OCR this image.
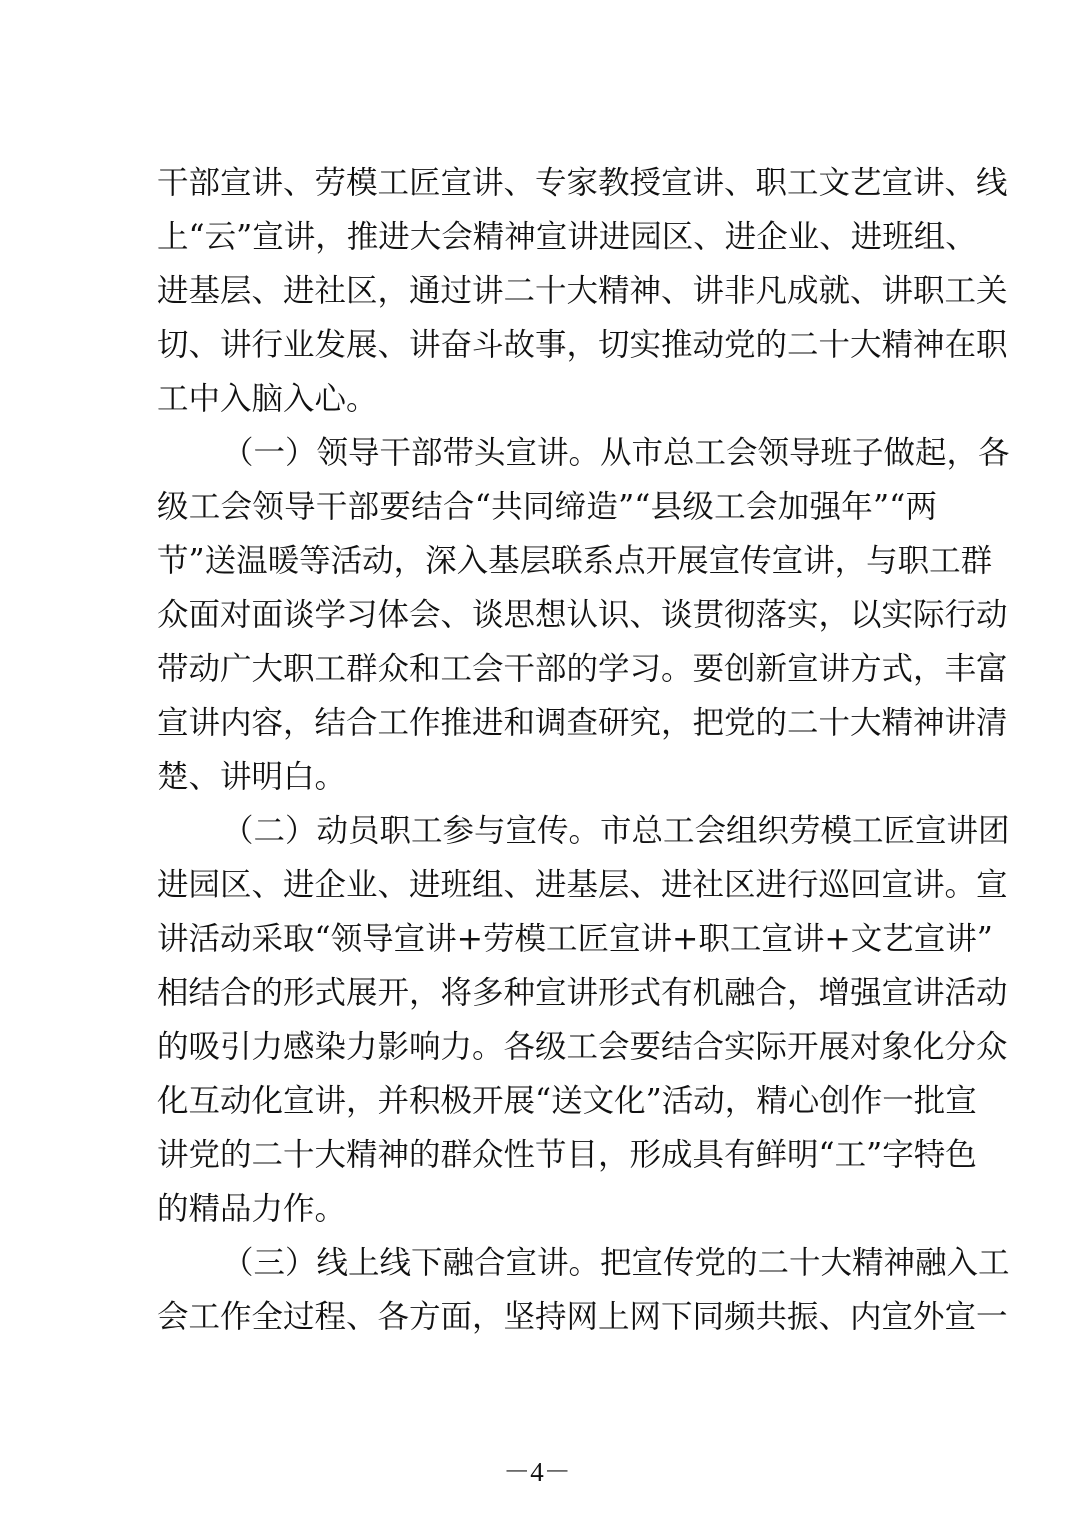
干部宣讲、劳模工匠宣讲、专家教授宣讲、职工文艺宣讲、线
上“云”宣讲，推进大会精神宣讲进园区、进企业、进班组、
进基层、进社区，通过讲二十大精神、讲非凡成就、讲职工关
切、讲行业发展、讲奋斗故事，切实推动党的二十大精神在职
工中入脑入心。
（一）领导干部带头宣讲。从市总工会领导班子做起，各
级工会领导干部要结合“共同缔造”“县级工会加强年”“两
节”送温暖等活动，深入基层联系点开展宣传宣讲，与职工群
众面对面谈学习体会、谈思想认识、谈贯彻落实，以实际行动
带动广大职工群众和工会干部的学习。要创新宣讲方式，丰富
宣讲内容，结合工作推进和调查研究，把党的二十大精神讲清
楚、讲明白。
（二）动员职工参与宣传。市总工会组织劳模工匠宣讲团
进园区、进企业、进班组、进基层、进社区进行巡回宣讲。宣
讲活动采取“领导宣讲+劳模工匠宣讲+职工宣讲+文艺宣讲”
相结合的形式展开，将多种宣讲形式有机融合，增强宣讲活动
的吸引力感染力影响力。各级工会要结合实际开展对象化分众
化互动化宣讲，并积极开展“送文化”活动，精心创作一批宣
讲党的二十大精神的群众性节目，形成具有鲜明“工”字特色
的精品力作。
（三）线上线下融合宣讲。把宣传党的二十大精神融入工
会工作全过程、各方面，坚持网上网下同频共振、内宣外宣一
－4－
